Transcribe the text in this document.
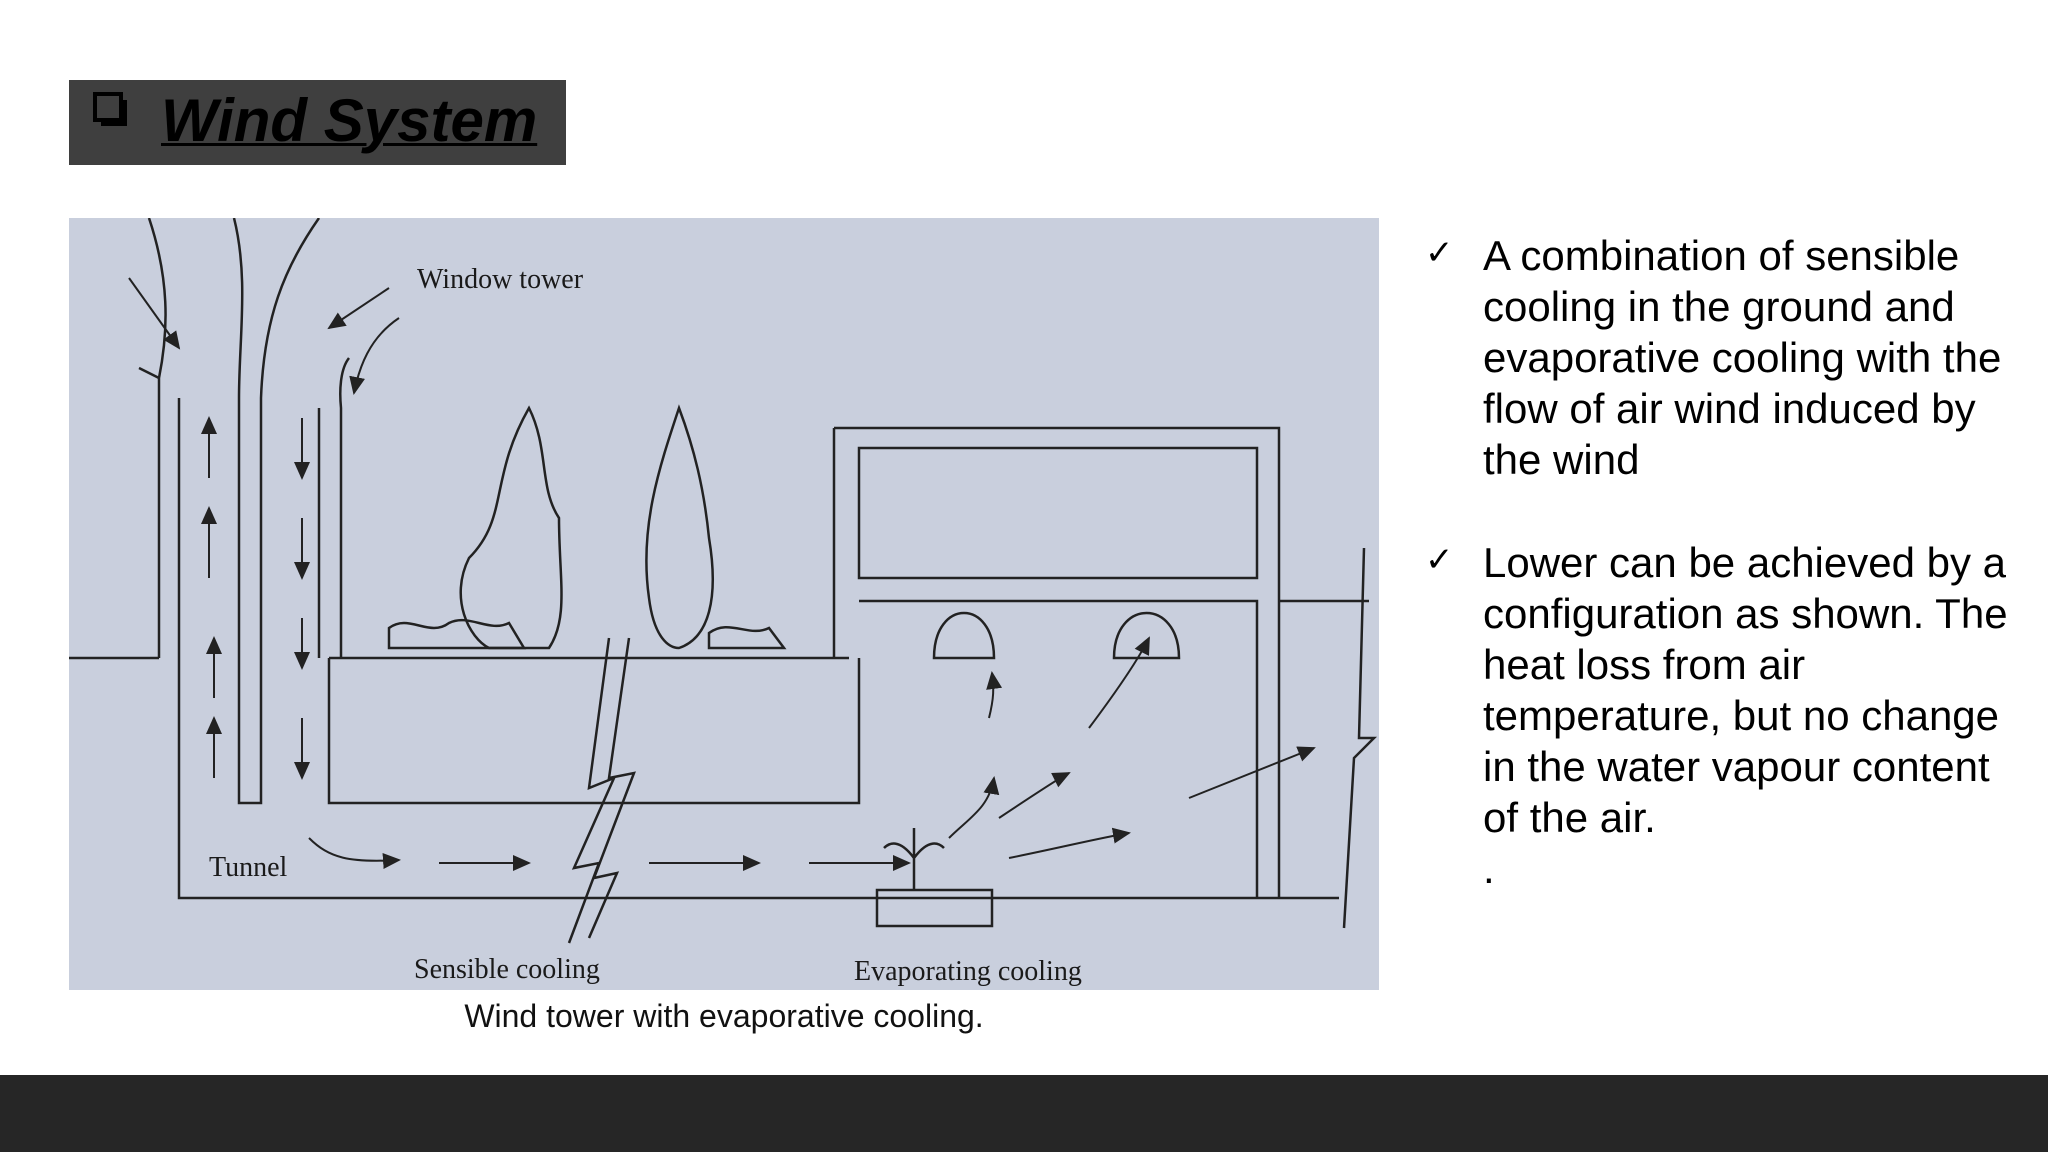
Wind System
Window tower
Tunnel
Sensible cooling	Evaporating cooling
Wind tower with evaporative cooling.
✓ A combination of sensible cooling in the ground and evaporative cooling with the flow of air wind induced by the wind
✓ Lower can be achieved by a configuration as shown. The heat loss from air temperature, but no change in the water vapour content of the air.
.
